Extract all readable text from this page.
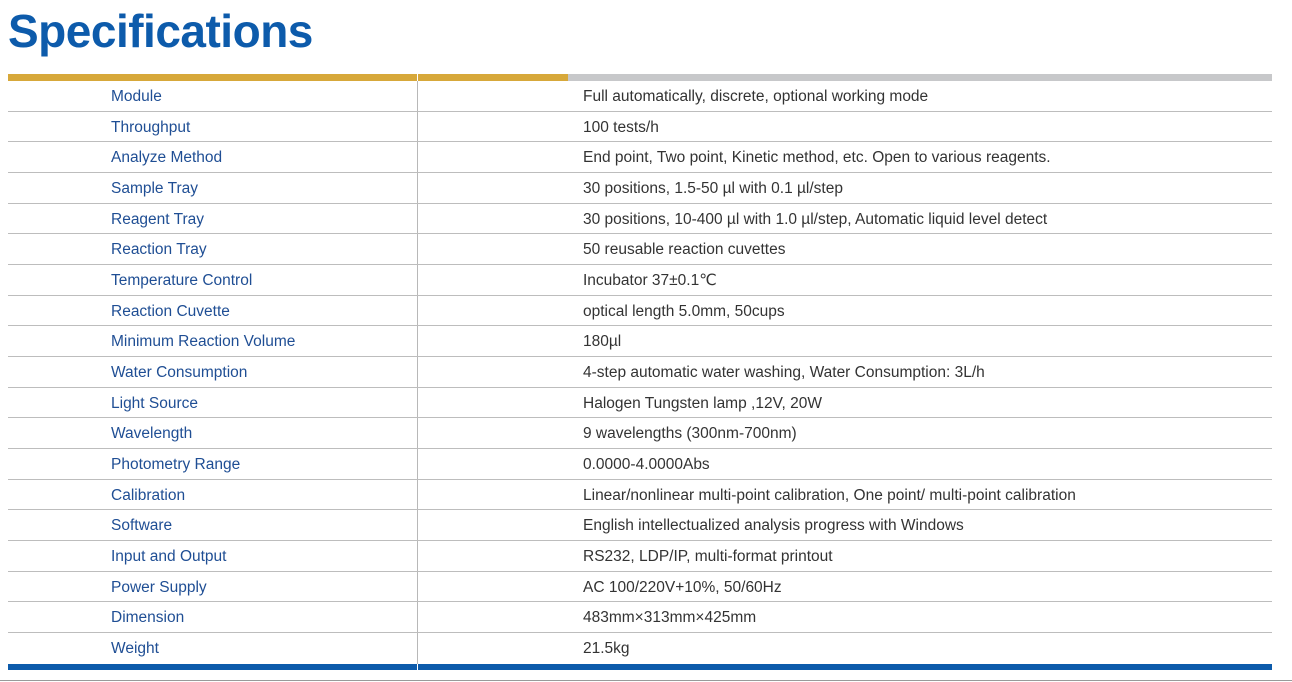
Specifications
Module	Full automatically, discrete, optional working mode
Throughput	100 tests/h
Analyze Method	End point, Two point, Kinetic method, etc. Open to various reagents.
Sample Tray	30 positions, 1.5-50 µl with 0.1 µl/step
Reagent Tray	30 positions, 10-400 µl with 1.0 µl/step, Automatic liquid level detect
Reaction Tray	50 reusable reaction cuvettes
Temperature Control	Incubator 37±0.1℃
Reaction Cuvette	optical length 5.0mm, 50cups
Minimum Reaction Volume	180µl
Water Consumption	4-step automatic water washing, Water Consumption: 3L/h
Light Source	Halogen Tungsten lamp ,12V, 20W
Wavelength	9 wavelengths (300nm-700nm)
Photometry Range	0.0000-4.0000Abs
Calibration	Linear/nonlinear multi-point calibration, One point/ multi-point calibration
Software	English intellectualized analysis progress with Windows
Input and Output	RS232, LDP/IP, multi-format printout
Power Supply	AC 100/220V+10%, 50/60Hz
Dimension	483mm×313mm×425mm
Weight	21.5kg
